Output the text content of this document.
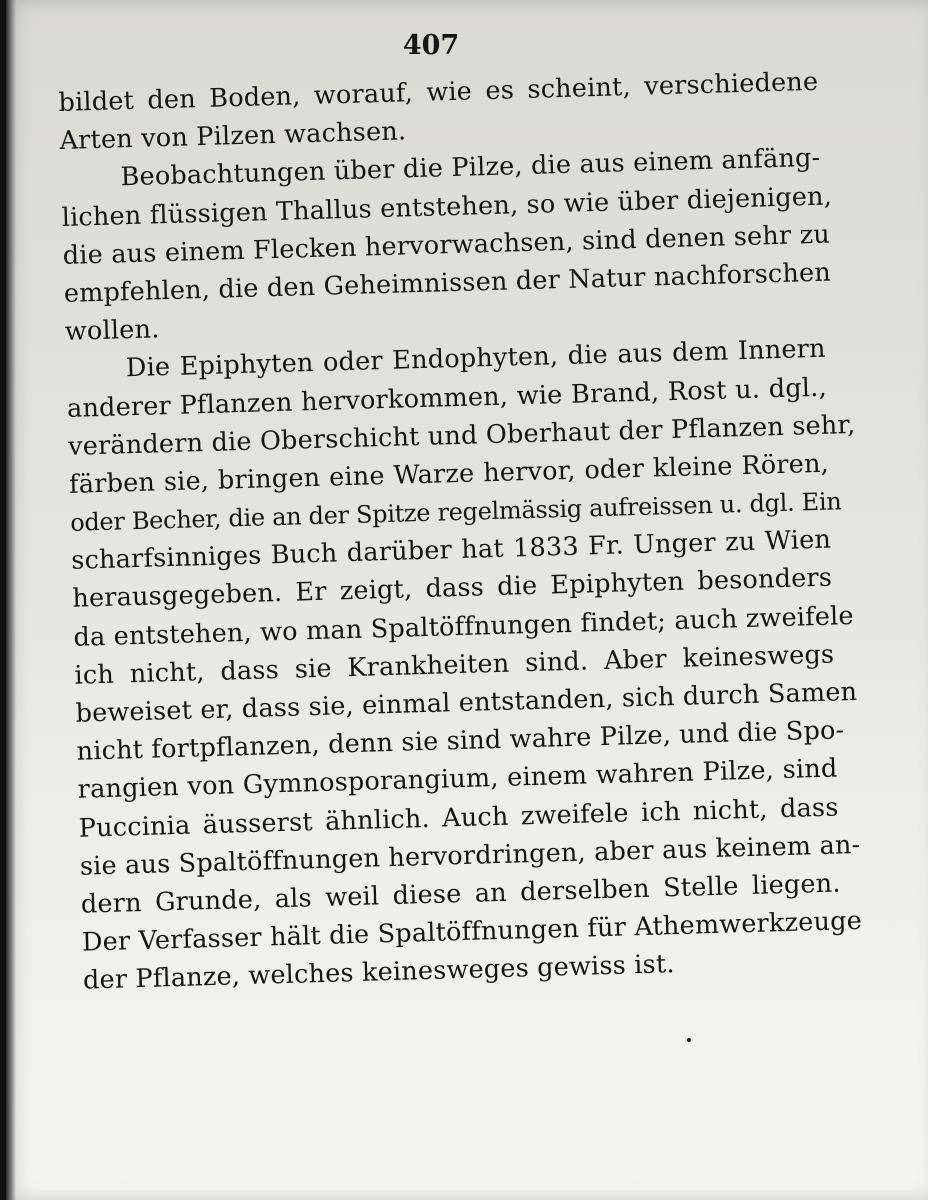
407
bildet den Boden, worauf, wie es scheint, verschiedene
Arten von Pilzen wachsen.
Beobachtungen über die Pilze, die aus einem anfäng-
lichen flüssigen Thallus entstehen, so wie über diejenigen,
die aus einem Flecken hervorwachsen, sind denen sehr zu
empfehlen, die den Geheimnissen der Natur nachforschen
wollen.
Die Epiphyten oder Endophyten, die aus dem Innern
anderer Pflanzen hervorkommen, wie Brand, Rost u. dgl.,
verändern die Oberschicht und Oberhaut der Pflanzen sehr,
färben sie, bringen eine Warze hervor, oder kleine Rören,
oder Becher, die an der Spitze regelmässig aufreissen u. dgl. Ein
scharfsinniges Buch darüber hat 1833 Fr. Unger zu Wien
herausgegeben. Er zeigt, dass die Epiphyten besonders
da entstehen, wo man Spaltöffnungen findet; auch zweifele
ich nicht, dass sie Krankheiten sind. Aber keineswegs
beweiset er, dass sie, einmal entstanden, sich durch Samen
nicht fortpflanzen, denn sie sind wahre Pilze, und die Spo-
rangien von Gymnosporangium, einem wahren Pilze, sind
Puccinia äusserst ähnlich. Auch zweifele ich nicht, dass
sie aus Spaltöffnungen hervordringen, aber aus keinem an-
dern Grunde, als weil diese an derselben Stelle liegen.
Der Verfasser hält die Spaltöffnungen für Athemwerkzeuge
der Pflanze, welches keinesweges gewiss ist.
